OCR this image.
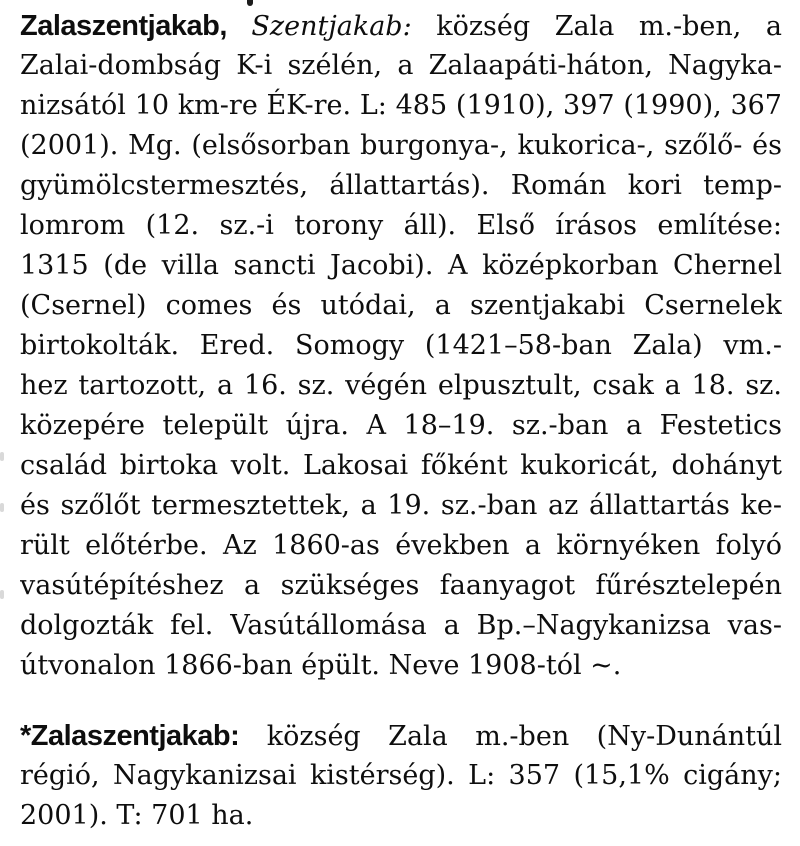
Zalaszentjakab, Szentjakab: község Zala m.-ben, a
Zalai-dombság K-i szélén, a Zalaapáti-háton, Nagyka-
nizsától 10 km-re ÉK-re. L: 485 (1910), 397 (1990), 367
(2001). Mg. (elsősorban burgonya-, kukorica-, szőlő- és
gyümölcstermesztés, állattartás). Román kori temp-
lomrom (12. sz.-i torony áll). Első írásos említése:
1315 (de villa sancti Jacobi). A középkorban Chernel
(Csernel) comes és utódai, a szentjakabi Csernelek
birtokolták. Ered. Somogy (1421–58-ban Zala) vm.-
hez tartozott, a 16. sz. végén elpusztult, csak a 18. sz.
közepére települt újra. A 18–19. sz.-ban a Festetics
család birtoka volt. Lakosai főként kukoricát, dohányt
és szőlőt termesztettek, a 19. sz.-ban az állattartás ke-
rült előtérbe. Az 1860-as években a környéken folyó
vasútépítéshez a szükséges faanyagot fűrésztelepén
dolgozták fel. Vasútállomása a Bp.–Nagykanizsa vas-
útvonalon 1866-ban épült. Neve 1908-tól ~.
*Zalaszentjakab: község Zala m.-ben (Ny-Dunántúl
régió, Nagykanizsai kistérség). L: 357 (15,1% cigány;
2001). T: 701 ha.
